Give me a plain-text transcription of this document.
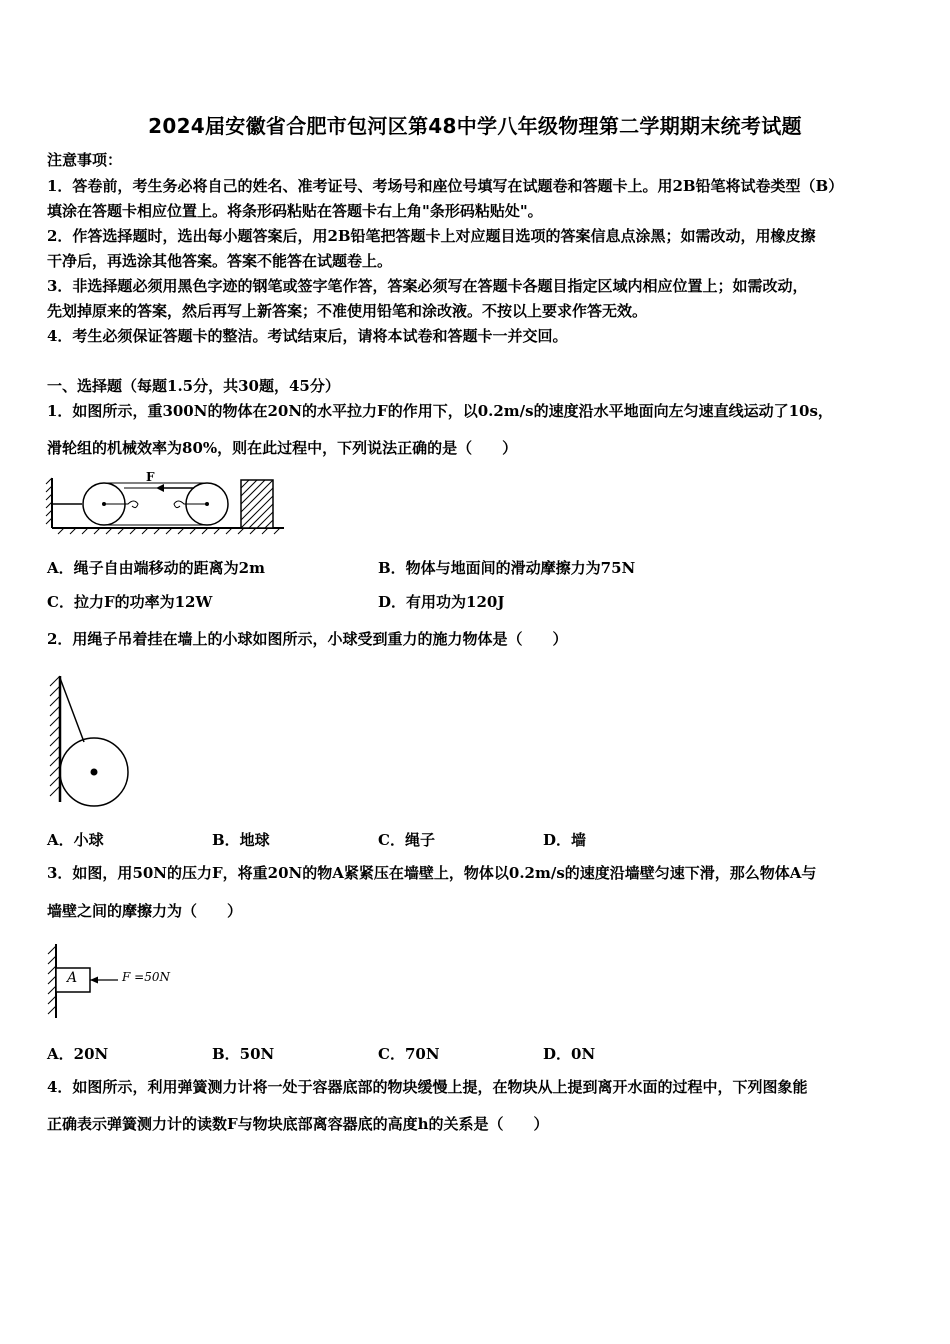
2024届安徽省合肥市包河区第48中学八年级物理第二学期期末统考试题
注意事项：
1．答卷前，考生务必将自己的姓名、准考证号、考场号和座位号填写在试题卷和答题卡上。用2B铅笔将试卷类型（B）
填涂在答题卡相应位置上。将条形码粘贴在答题卡右上角"条形码粘贴处"。
2．作答选择题时，选出每小题答案后，用2B铅笔把答题卡上对应题目选项的答案信息点涂黑；如需改动，用橡皮擦
干净后，再选涂其他答案。答案不能答在试题卷上。
3．非选择题必须用黑色字迹的钢笔或签字笔作答，答案必须写在答题卡各题目指定区域内相应位置上；如需改动，
先划掉原来的答案，然后再写上新答案；不准使用铅笔和涂改液。不按以上要求作答无效。
4．考生必须保证答题卡的整洁。考试结束后，请将本试卷和答题卡一并交回。
一、选择题（每题1.5分，共30题，45分）
1．如图所示，重300N的物体在20N的水平拉力F的作用下，以0.2m/s的速度沿水平地面向左匀速直线运动了10s，
滑轮组的机械效率为80%，则在此过程中，下列说法正确的是（　　）
F
A．绳子自由端移动的距离为2m	B．物体与地面间的滑动摩擦力为75N
C．拉力F的功率为12W	D．有用功为120J
2．用绳子吊着挂在墙上的小球如图所示，小球受到重力的施力物体是（　　）
A．小球	B．地球	C．绳子	D．墙
3．如图，用50N的压力F，将重20N的物A紧紧压在墙壁上，物体以0.2m/s的速度沿墙壁匀速下滑，那么物体A与
墙壁之间的摩擦力为（　　）
A	F =50N
A．20N	B．50N	C．70N	D．0N
4．如图所示，利用弹簧测力计将一处于容器底部的物块缓慢上提，在物块从上提到离开水面的过程中，下列图象能
正确表示弹簧测力计的读数F与物块底部离容器底的高度h的关系是（　　）
